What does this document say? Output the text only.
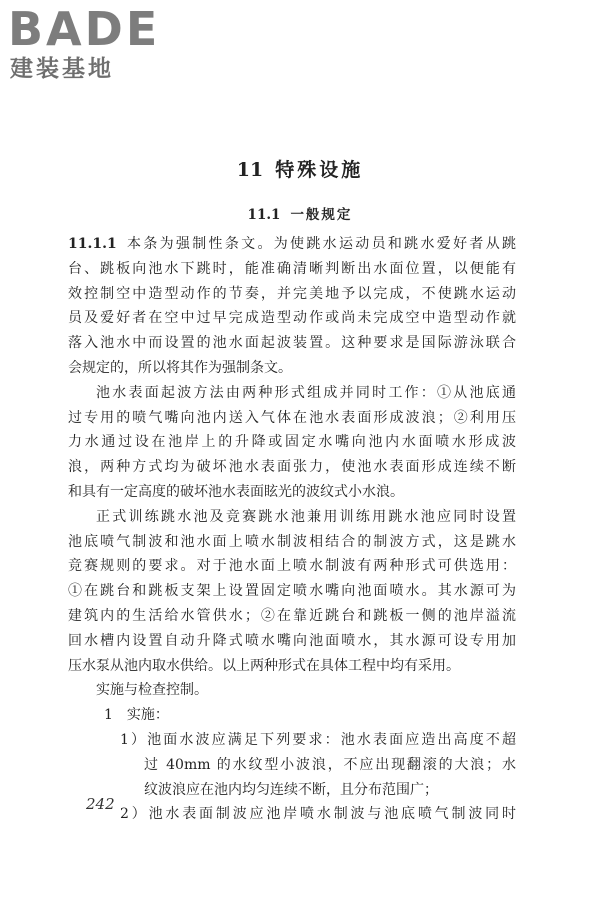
BADE
建装基地
11 特殊设施
11.1 一般规定
11.1.1 本条为强制性条文。为使跳水运动员和跳水爱好者从跳
台、跳板向池水下跳时，能准确清晰判断出水面位置，以便能有
效控制空中造型动作的节奏，并完美地予以完成，不使跳水运动
员及爱好者在空中过早完成造型动作或尚未完成空中造型动作就
落入池水中而设置的池水面起波装置。这种要求是国际游泳联合
会规定的，所以将其作为强制条文。
池水表面起波方法由两种形式组成并同时工作：①从池底通
过专用的喷气嘴向池内送入气体在池水表面形成波浪；②利用压
力水通过设在池岸上的升降或固定水嘴向池内水面喷水形成波
浪，两种方式均为破坏池水表面张力，使池水表面形成连续不断
和具有一定高度的破坏池水表面眩光的波纹式小水浪。
正式训练跳水池及竞赛跳水池兼用训练用跳水池应同时设置
池底喷气制波和池水面上喷水制波相结合的制波方式，这是跳水
竞赛规则的要求。对于池水面上喷水制波有两种形式可供选用：
①在跳台和跳板支架上设置固定喷水嘴向池面喷水。其水源可为
建筑内的生活给水管供水；②在靠近跳台和跳板一侧的池岸溢流
回水槽内设置自动升降式喷水嘴向池面喷水，其水源可设专用加
压水泵从池内取水供给。以上两种形式在具体工程中均有采用。
实施与检查控制。
1　实施：
1）池面水波应满足下列要求：池水表面应造出高度不超
过 40mm 的水纹型小波浪，不应出现翻滚的大浪；水
纹波浪应在池内均匀连续不断，且分布范围广；
2）池水表面制波应池岸喷水制波与池底喷气制波同时
242
